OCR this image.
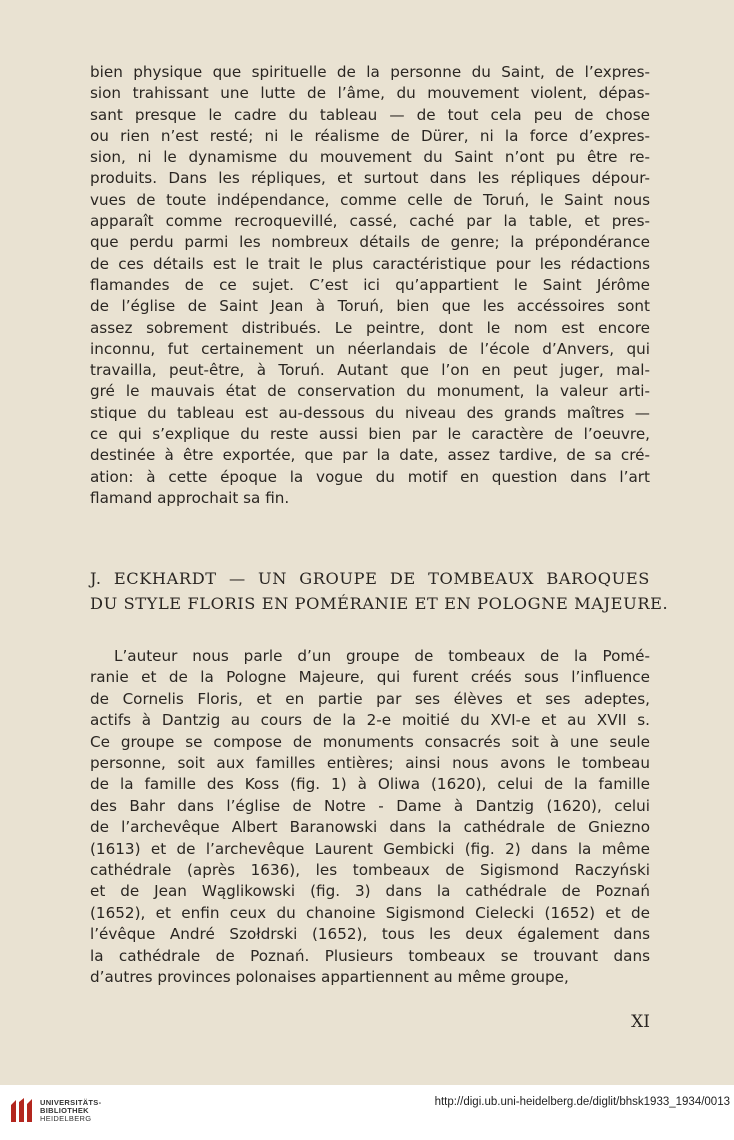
bien physique que spirituelle de la personne du Saint, de l’expres-
sion trahissant une lutte de l’âme, du mouvement violent, dépas-
sant presque le cadre du tableau — de tout cela peu de chose
ou rien n’est resté; ni le réalisme de Dürer, ni la force d’expres-
sion, ni le dynamisme du mouvement du Saint n’ont pu être re-
produits. Dans les répliques, et surtout dans les répliques dépour-
vues de toute indépendance, comme celle de Toruń, le Saint nous
apparaît comme recroquevillé, cassé, caché par la table, et pres-
que perdu parmi les nombreux détails de genre; la prépondérance
de ces détails est le trait le plus caractéristique pour les rédactions
flamandes de ce sujet. C’est ici qu’appartient le Saint Jérôme
de l’église de Saint Jean à Toruń, bien que les accéssoires sont
assez sobrement distribués. Le peintre, dont le nom est encore
inconnu, fut certainement un néerlandais de l’école d’Anvers, qui
travailla, peut-être, à Toruń. Autant que l’on en peut juger, mal-
gré le mauvais état de conservation du monument, la valeur arti-
stique du tableau est au-dessous du niveau des grands maîtres —
ce qui s’explique du reste aussi bien par le caractère de l’oeuvre,
destinée à être exportée, que par la date, assez tardive, de sa cré-
ation: à cette époque la vogue du motif en question dans l’art
flamand approchait sa fin.
J. ECKHARDT — UN GROUPE DE TOMBEAUX BAROQUES
DU STYLE FLORIS EN POMÉRANIE ET EN POLOGNE MAJEURE.
L’auteur nous parle d’un groupe de tombeaux de la Pomé-
ranie et de la Pologne Majeure, qui furent créés sous l’influence
de Cornelis Floris, et en partie par ses élèves et ses adeptes,
actifs à Dantzig au cours de la 2-e moitié du XVI-e et au XVII s.
Ce groupe se compose de monuments consacrés soit à une seule
personne, soit aux familles entières; ainsi nous avons le tombeau
de la famille des Koss (fig. 1) à Oliwa (1620), celui de la famille
des Bahr dans l’église de Notre - Dame à Dantzig (1620), celui
de l’archevêque Albert Baranowski dans la cathédrale de Gniezno
(1613) et de l’archevêque Laurent Gembicki (fig. 2) dans la même
cathédrale (après 1636), les tombeaux de Sigismond Raczyński
et de Jean Wąglikowski (fig. 3) dans la cathédrale de Poznań
(1652), et enfin ceux du chanoine Sigismond Cielecki (1652) et de
l’évêque André Szołdrski (1652), tous les deux également dans
la cathédrale de Poznań. Plusieurs tombeaux se trouvant dans
d’autres provinces polonaises appartiennent au même groupe,
XI
UNIVERSITÄTS-
BIBLIOTHEK
HEIDELBERG
http://digi.ub.uni-heidelberg.de/diglit/bhsk1933_1934/0013
